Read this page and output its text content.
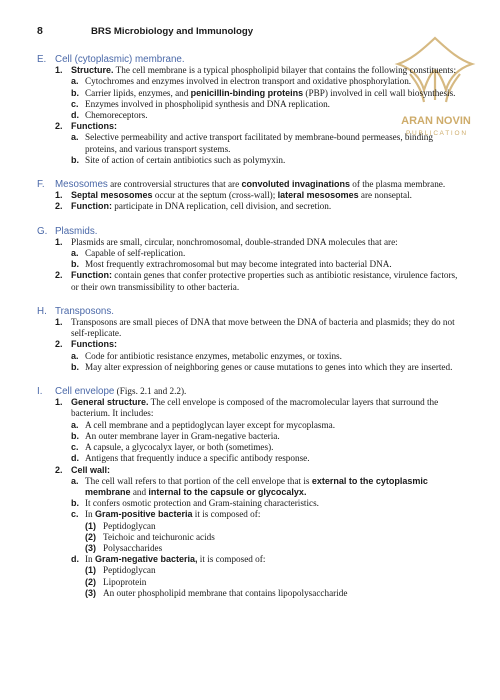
8	BRS Microbiology and Immunology
ARAN NOVIN
P U B L I C A T I O N
E. Cell (cytoplasmic) membrane.
1. Structure. The cell membrane is a typical phospholipid bilayer that contains the following constituents:
a. Cytochromes and enzymes involved in electron transport and oxidative phosphorylation.
b. Carrier lipids, enzymes, and penicillin-binding proteins (PBP) involved in cell wall biosynthesis.
c. Enzymes involved in phospholipid synthesis and DNA replication.
d. Chemoreceptors.
2. Functions:
a. Selective permeability and active transport facilitated by membrane-bound permeases, binding proteins, and various transport systems.
b. Site of action of certain antibiotics such as polymyxin.
F. Mesosomes are controversial structures that are convoluted invaginations of the plasma membrane.
1. Septal mesosomes occur at the septum (cross-wall); lateral mesosomes are nonseptal.
2. Function: participate in DNA replication, cell division, and secretion.
G. Plasmids.
1. Plasmids are small, circular, nonchromosomal, double-stranded DNA molecules that are:
a. Capable of self-replication.
b. Most frequently extrachromosomal but may become integrated into bacterial DNA.
2. Function: contain genes that confer protective properties such as antibiotic resistance, virulence factors, or their own transmissibility to other bacteria.
H. Transposons.
1. Transposons are small pieces of DNA that move between the DNA of bacteria and plasmids; they do not self-replicate.
2. Functions:
a. Code for antibiotic resistance enzymes, metabolic enzymes, or toxins.
b. May alter expression of neighboring genes or cause mutations to genes into which they are inserted.
I. Cell envelope (Figs. 2.1 and 2.2).
1. General structure. The cell envelope is composed of the macromolecular layers that surround the bacterium. It includes:
a. A cell membrane and a peptidoglycan layer except for mycoplasma.
b. An outer membrane layer in Gram-negative bacteria.
c. A capsule, a glycocalyx layer, or both (sometimes).
d. Antigens that frequently induce a specific antibody response.
2. Cell wall:
a. The cell wall refers to that portion of the cell envelope that is external to the cytoplasmic membrane and internal to the capsule or glycocalyx.
b. It confers osmotic protection and Gram-staining characteristics.
c. In Gram-positive bacteria it is composed of:
(1) Peptidoglycan
(2) Teichoic and teichuronic acids
(3) Polysaccharides
d. In Gram-negative bacteria, it is composed of:
(1) Peptidoglycan
(2) Lipoprotein
(3) An outer phospholipid membrane that contains lipopolysaccharide
